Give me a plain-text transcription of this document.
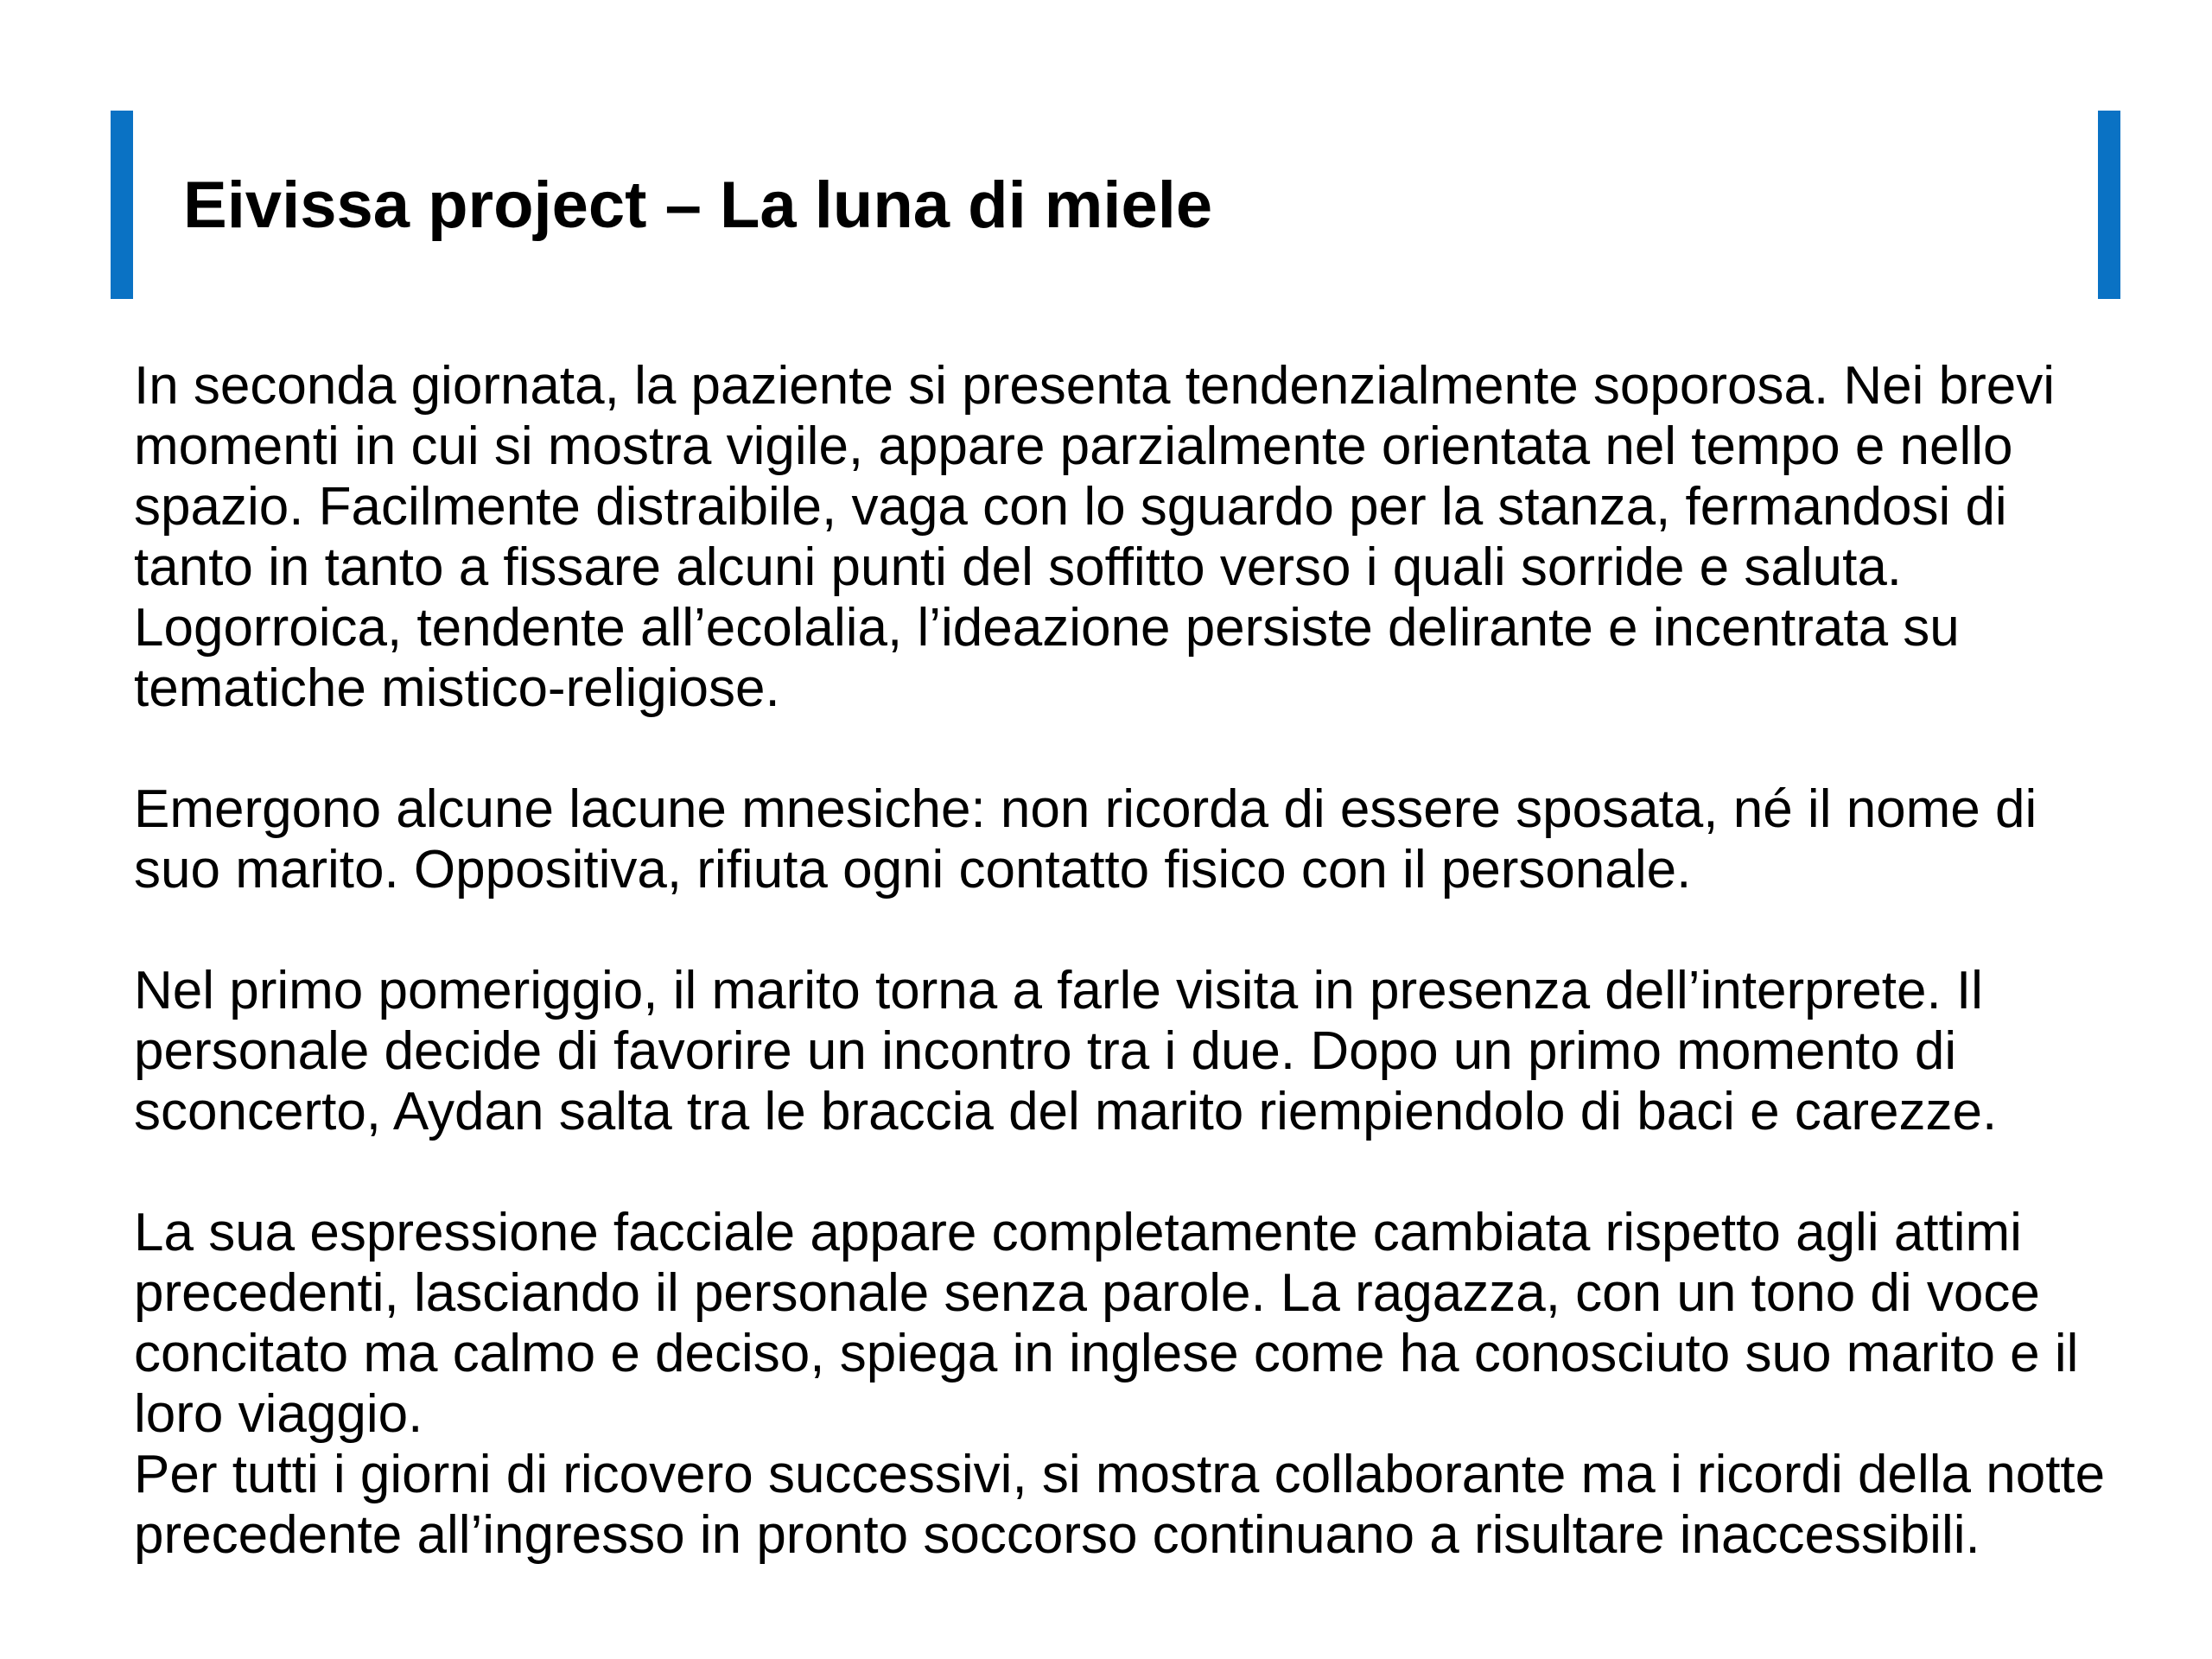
Eivissa project – La luna di miele

In seconda giornata, la paziente si presenta tendenzialmente soporosa. Nei brevi momenti in cui si mostra vigile, appare parzialmente orientata nel tempo e nello spazio. Facilmente distraibile, vaga con lo sguardo per la stanza, fermandosi di tanto in tanto a fissare alcuni punti del soffitto verso i quali sorride e saluta. Logorroica, tendente all’ecolalia, l’ideazione persiste delirante e incentrata su tematiche mistico-religiose.

Emergono alcune lacune mnesiche: non ricorda di essere sposata, né il nome di suo marito. Oppositiva, rifiuta ogni contatto fisico con il personale.

Nel primo pomeriggio, il marito torna a farle visita in presenza dell’interprete. Il personale decide di favorire un incontro tra i due. Dopo un primo momento di sconcerto, Aydan salta tra le braccia del marito riempiendolo di baci e carezze.

La sua espressione facciale appare completamente cambiata rispetto agli attimi precedenti, lasciando il personale senza parole. La ragazza, con un tono di voce concitato ma calmo e deciso, spiega in inglese come ha conosciuto suo marito e il loro viaggio.

Per tutti i giorni di ricovero successivi, si mostra collaborante ma i ricordi della notte precedente all’ingresso in pronto soccorso continuano a risultare inaccessibili.
